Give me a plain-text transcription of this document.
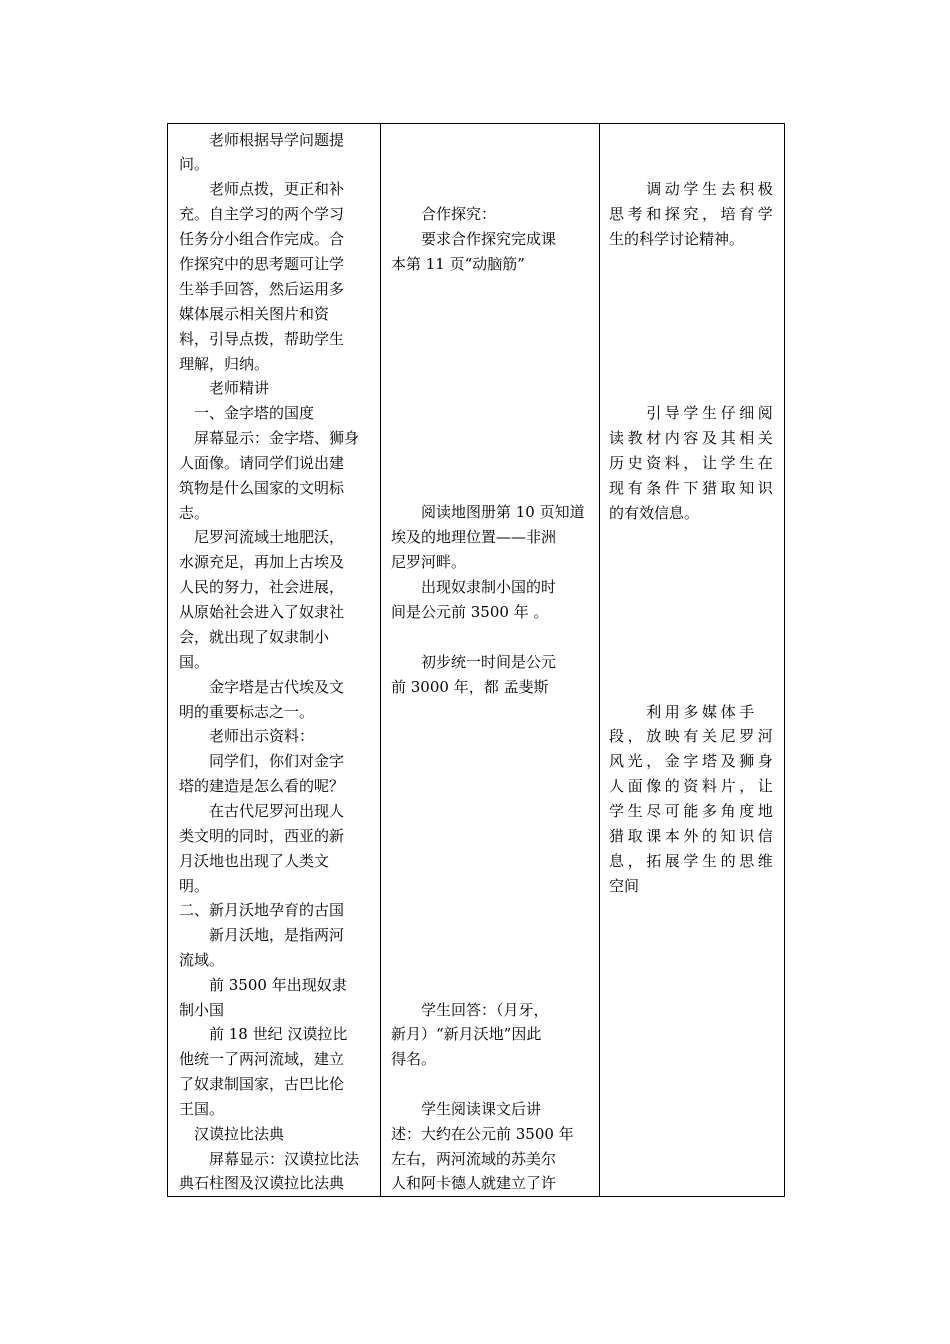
　　老师根据导学问题提
问。
　　老师点拨，更正和补
充。自主学习的两个学习
任务分小组合作完成。合
作探究中的思考题可让学
生举手回答，然后运用多
媒体展示相关图片和资
料，引导点拨，帮助学生
理解，归纳。
　　老师精讲
　一、金字塔的国度
　屏幕显示：金字塔、狮身
人面像。请同学们说出建
筑物是什么国家的文明标
志。
　尼罗河流域土地肥沃，
水源充足，再加上古埃及
人民的努力，社会进展，
从原始社会进入了奴隶社
会，就出现了奴隶制小
国。
　　金字塔是古代埃及文
明的重要标志之一。
　　老师出示资料：
　　同学们，你们对金字
塔的建造是怎么看的呢？
　　在古代尼罗河出现人
类文明的同时，西亚的新
月沃地也出现了人类文
明。
二、新月沃地孕育的古国
　　新月沃地，是指两河
流域。
　　前 3500 年出现奴隶
制小国
　　前 18 世纪 汉谟拉比
他统一了两河流域，建立
了奴隶制国家，古巴比伦
王国。
　汉谟拉比法典
　　屏幕显示：汉谟拉比法
典石柱图及汉谟拉比法典

　　合作探究：
　　要求合作探究完成课
本第 11 页“动脑筋”
　　阅读地图册第 10 页知道
埃及的地理位置——非洲
尼罗河畔。
　　出现奴隶制小国的时
间是公元前 3500 年 。
　　初步统一时间是公元
前 3000 年，都 孟斐斯
　　学生回答：（月牙，
新月）“新月沃地”因此
得名。
　　学生阅读课文后讲
述：大约在公元前 3500 年
左右，两河流域的苏美尔
人和阿卡德人就建立了许

　　调动学生去积极
思考和探究，培育学
生的科学讨论精神。
　　引导学生仔细阅
读教材内容及其相关
历史资料，让学生在
现有条件下猎取知识
的有效信息。
　　利用多媒体手
段，放映有关尼罗河
风光，金字塔及狮身
人面像的资料片，让
学生尽可能多角度地
猎取课本外的知识信
息，拓展学生的思维
空间
